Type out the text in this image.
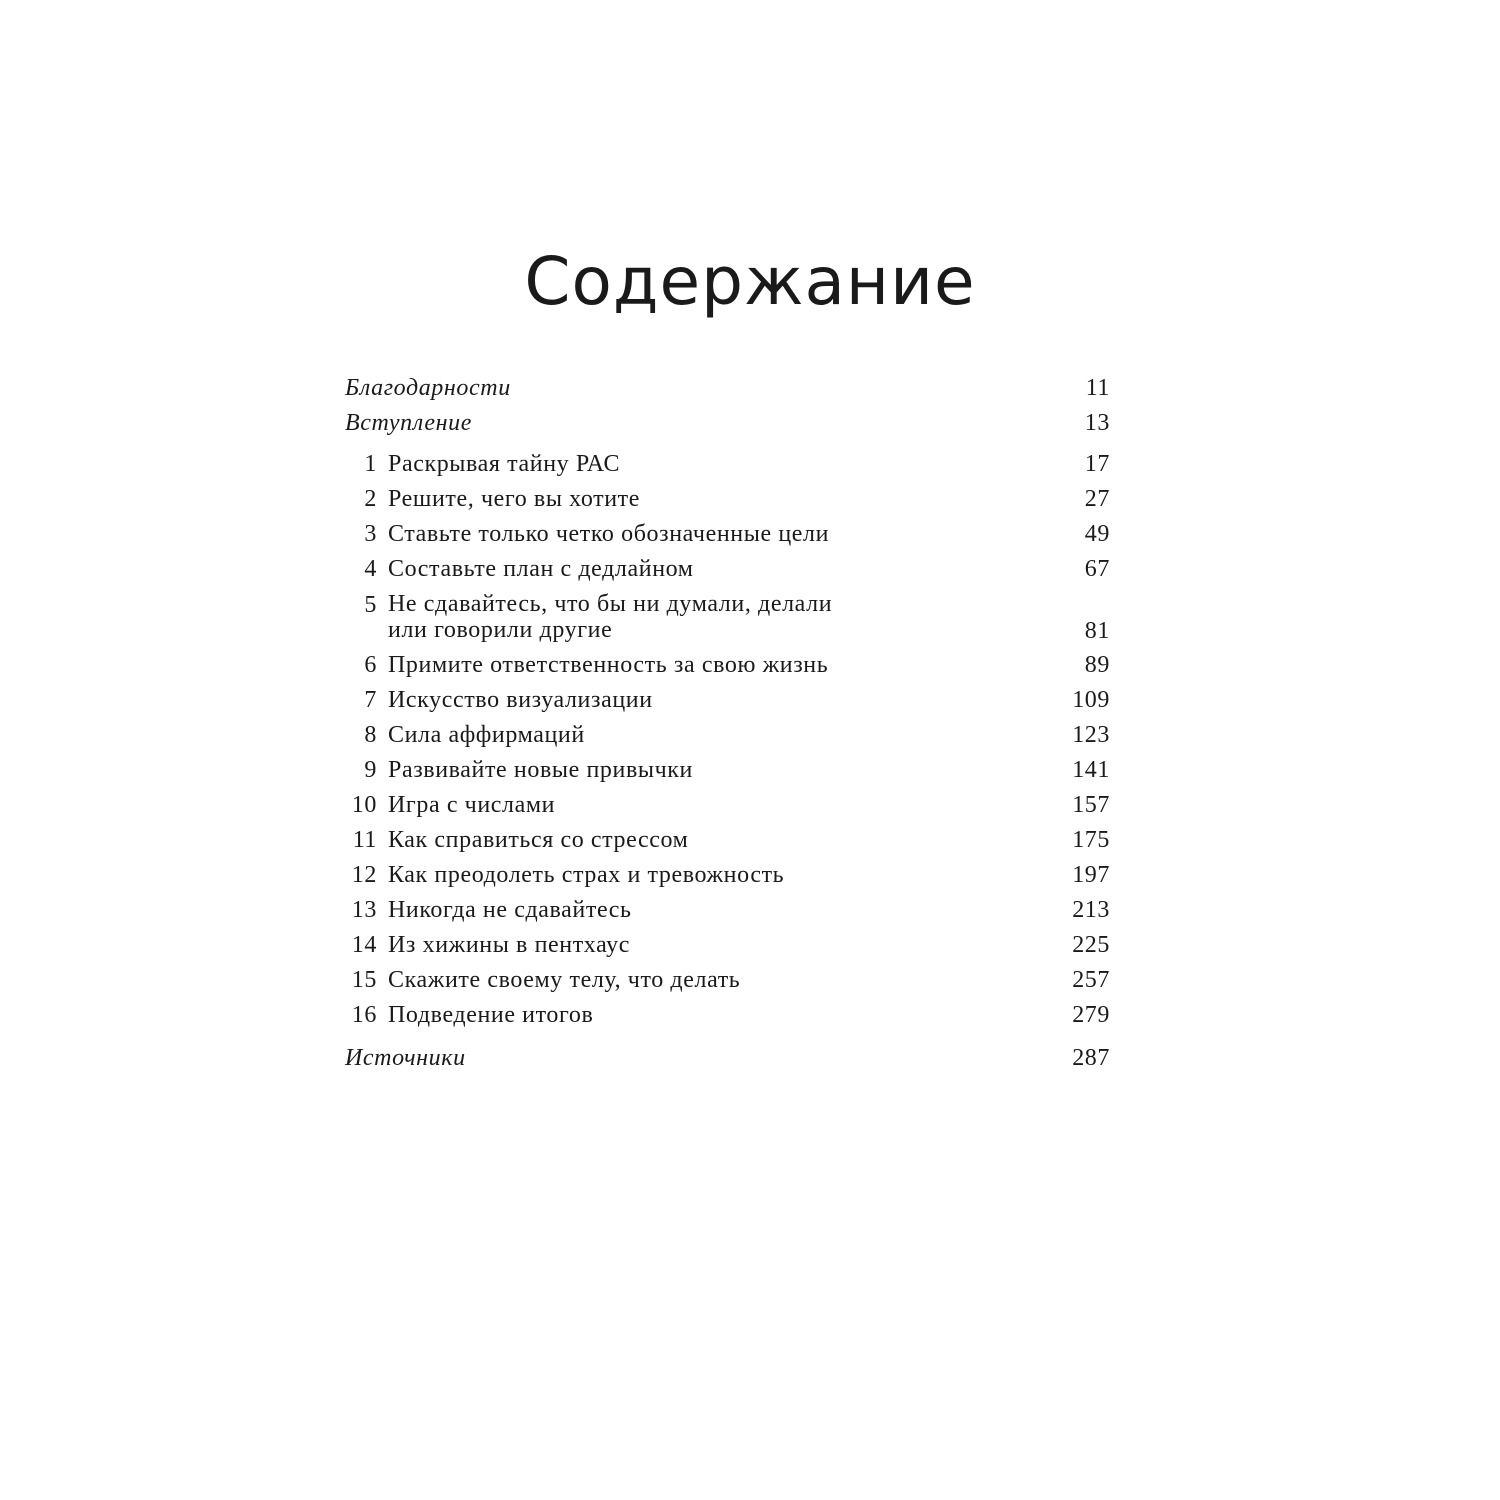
Содержание
Благодарности	11
Вступление	13
1 Раскрывая тайну РАС	17
2 Решите, чего вы хотите	27
3 Ставьте только четко обозначенные цели	49
4 Составьте план с дедлайном	67
5 Не сдавайтесь, что бы ни думали, делали
или говорили другие	81
6 Примите ответственность за свою жизнь	89
7 Искусство визуализации	109
8 Сила аффирмаций	123
9 Развивайте новые привычки	141
10 Игра с числами	157
11 Как справиться со стрессом	175
12 Как преодолеть страх и тревожность	197
13 Никогда не сдавайтесь	213
14 Из хижины в пентхаус	225
15 Скажите своему телу, что делать	257
16 Подведение итогов	279
Источники	287
